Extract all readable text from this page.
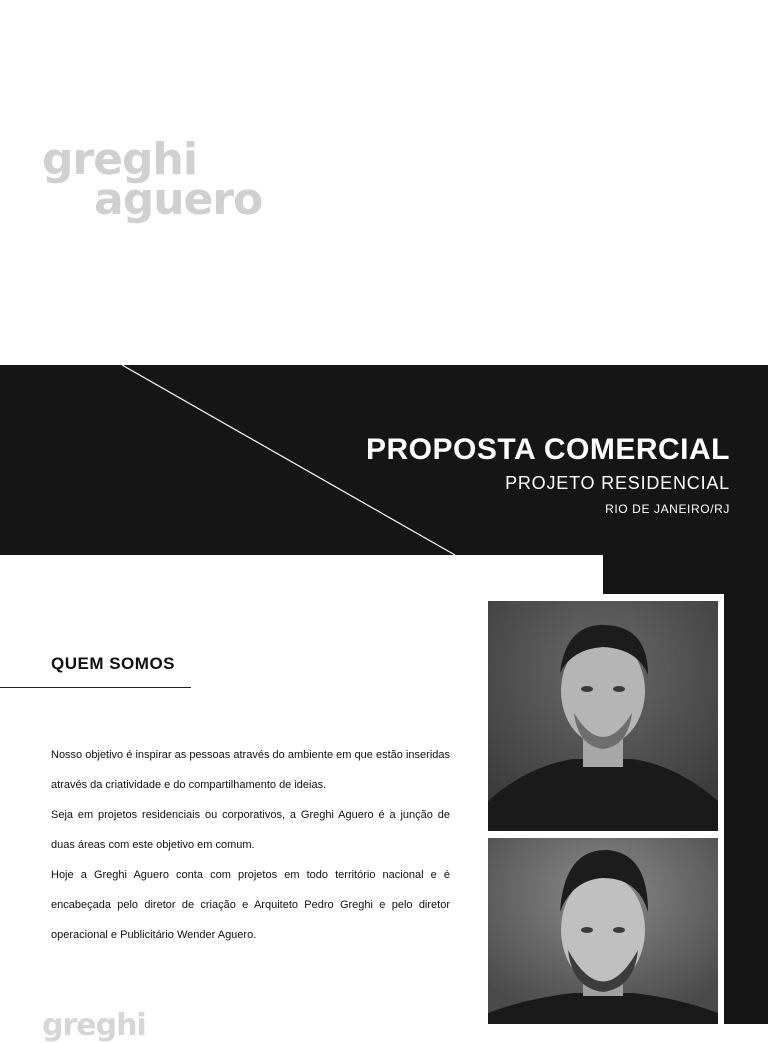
greghi
aguero
PROPOSTA COMERCIAL
PROJETO RESIDENCIAL
RIO DE JANEIRO/RJ
QUEM SOMOS

Nosso objetivo é inspirar as pessoas através do ambiente em que estão inseridas através da criatividade e do compartilhamento de ideias.

Seja em projetos residenciais ou corporativos, a Greghi Aguero é a junção de duas áreas com este objetivo em comum.

Hoje a Greghi Aguero conta com projetos em todo território nacional e é encabeçada pelo diretor de criação e Arquiteto Pedro Greghi e pelo diretor operacional e Publicitário Wender Aguero.

greghi
